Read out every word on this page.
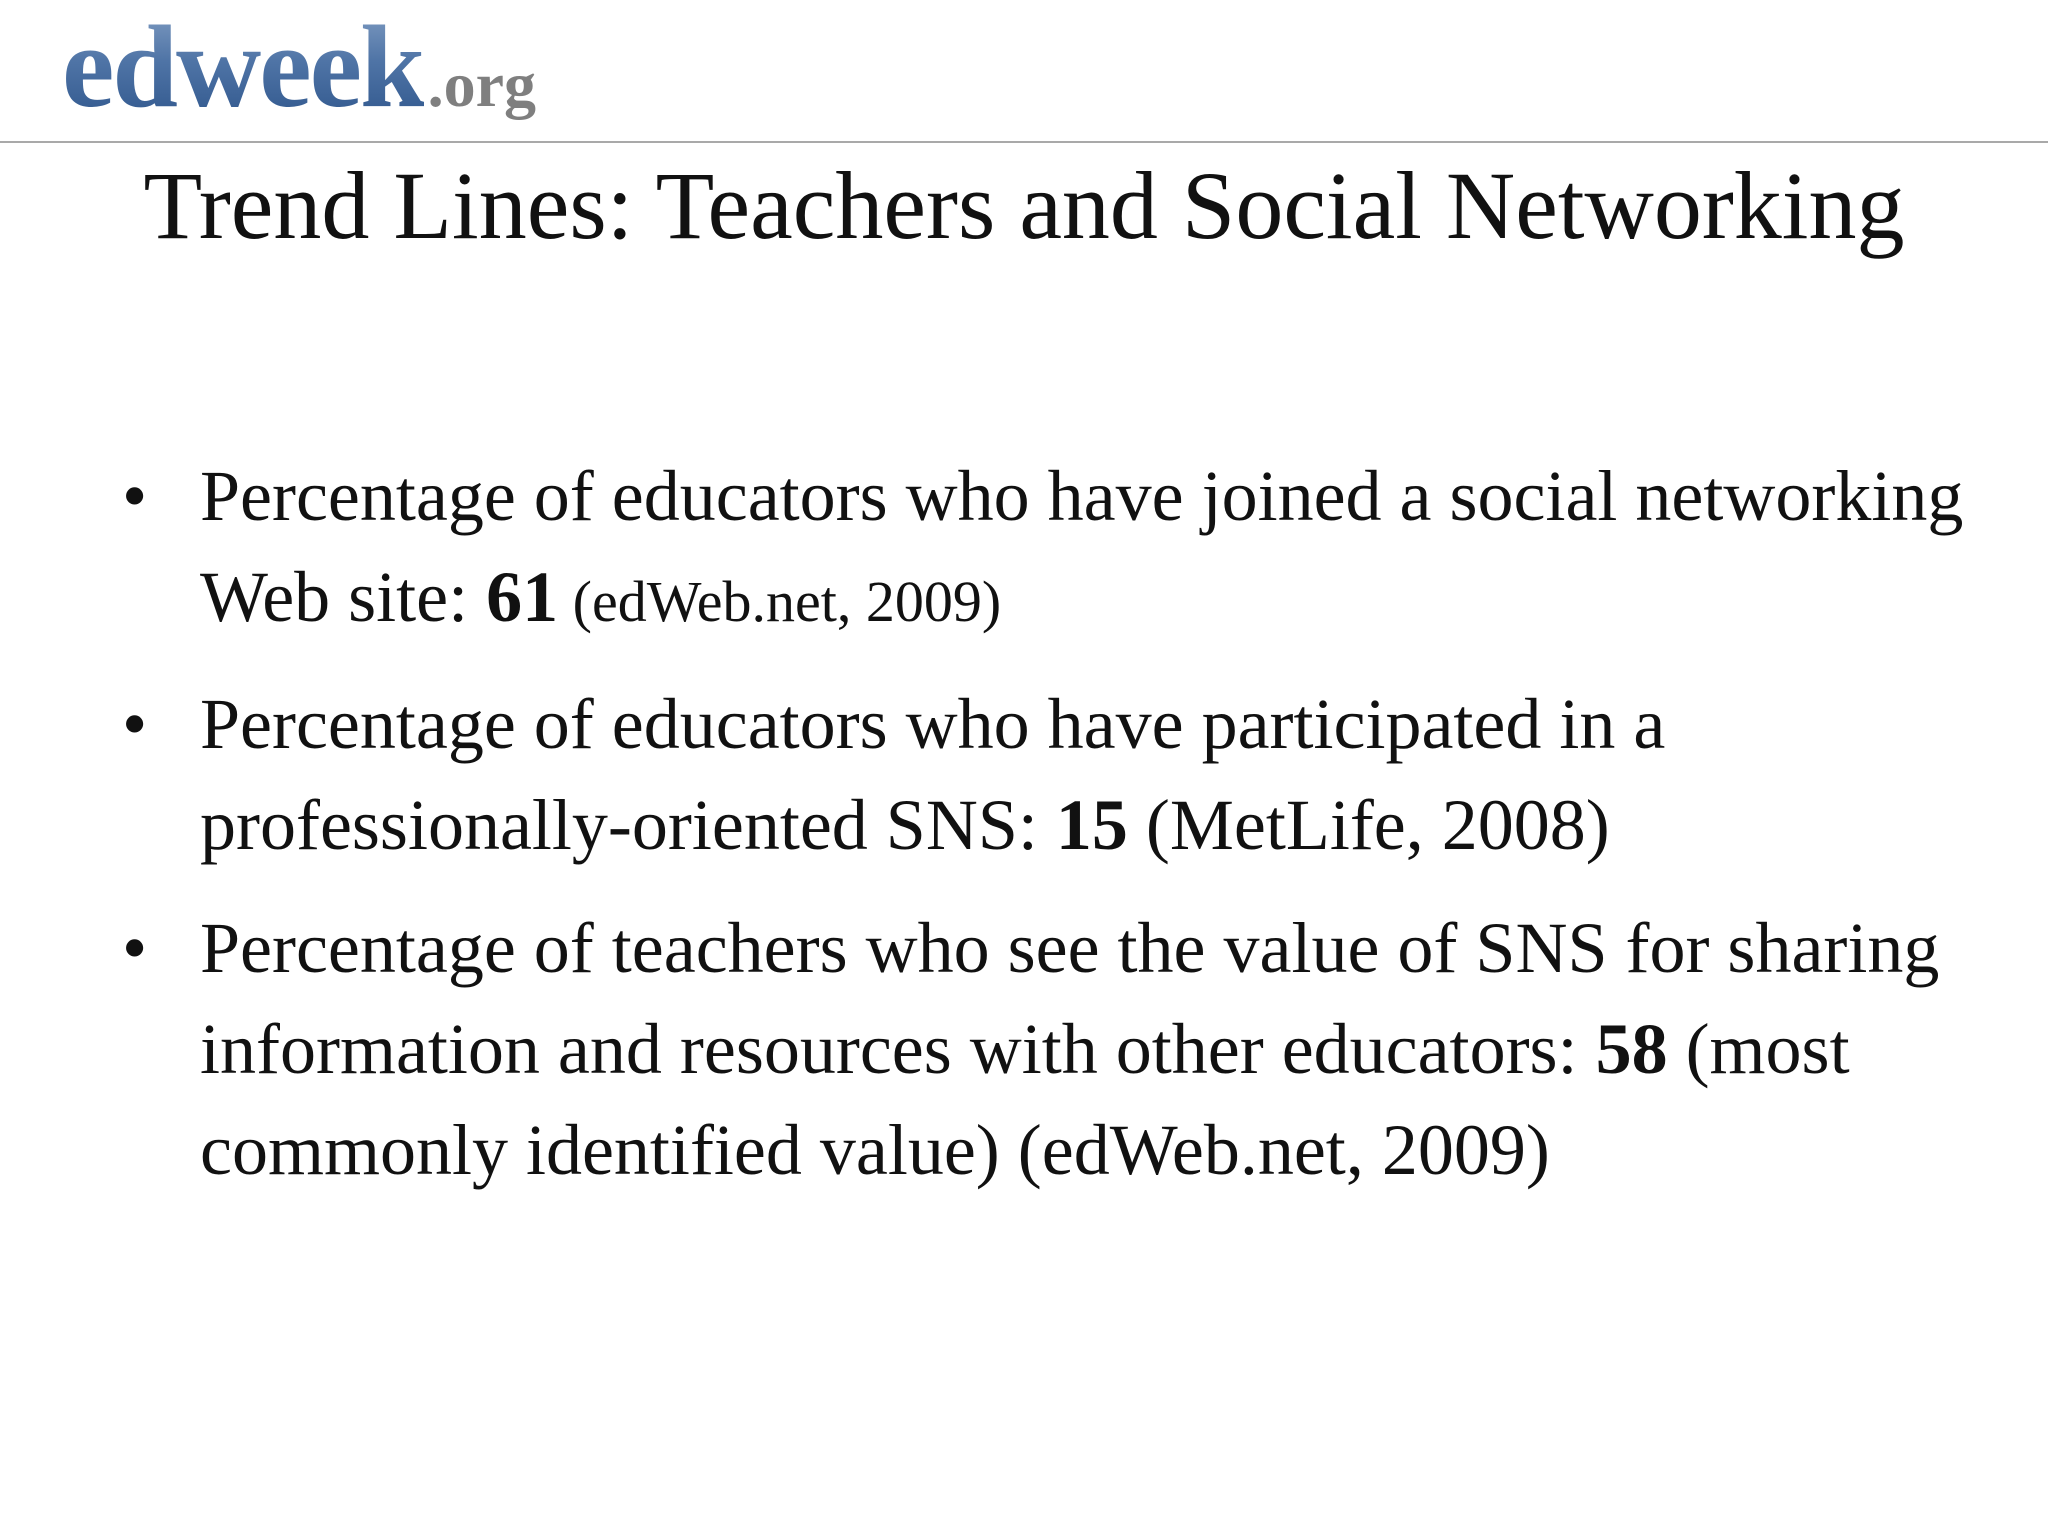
edweek .org
Trend Lines: Teachers and Social Networking
• Percentage of educators who have joined a social networking Web site: 61 (edWeb.net, 2009)
• Percentage of educators who have participated in a professionally-oriented SNS: 15 (MetLife, 2008)
• Percentage of teachers who see the value of SNS for sharing information and resources with other educators: 58 (most commonly identified value) (edWeb.net, 2009)
